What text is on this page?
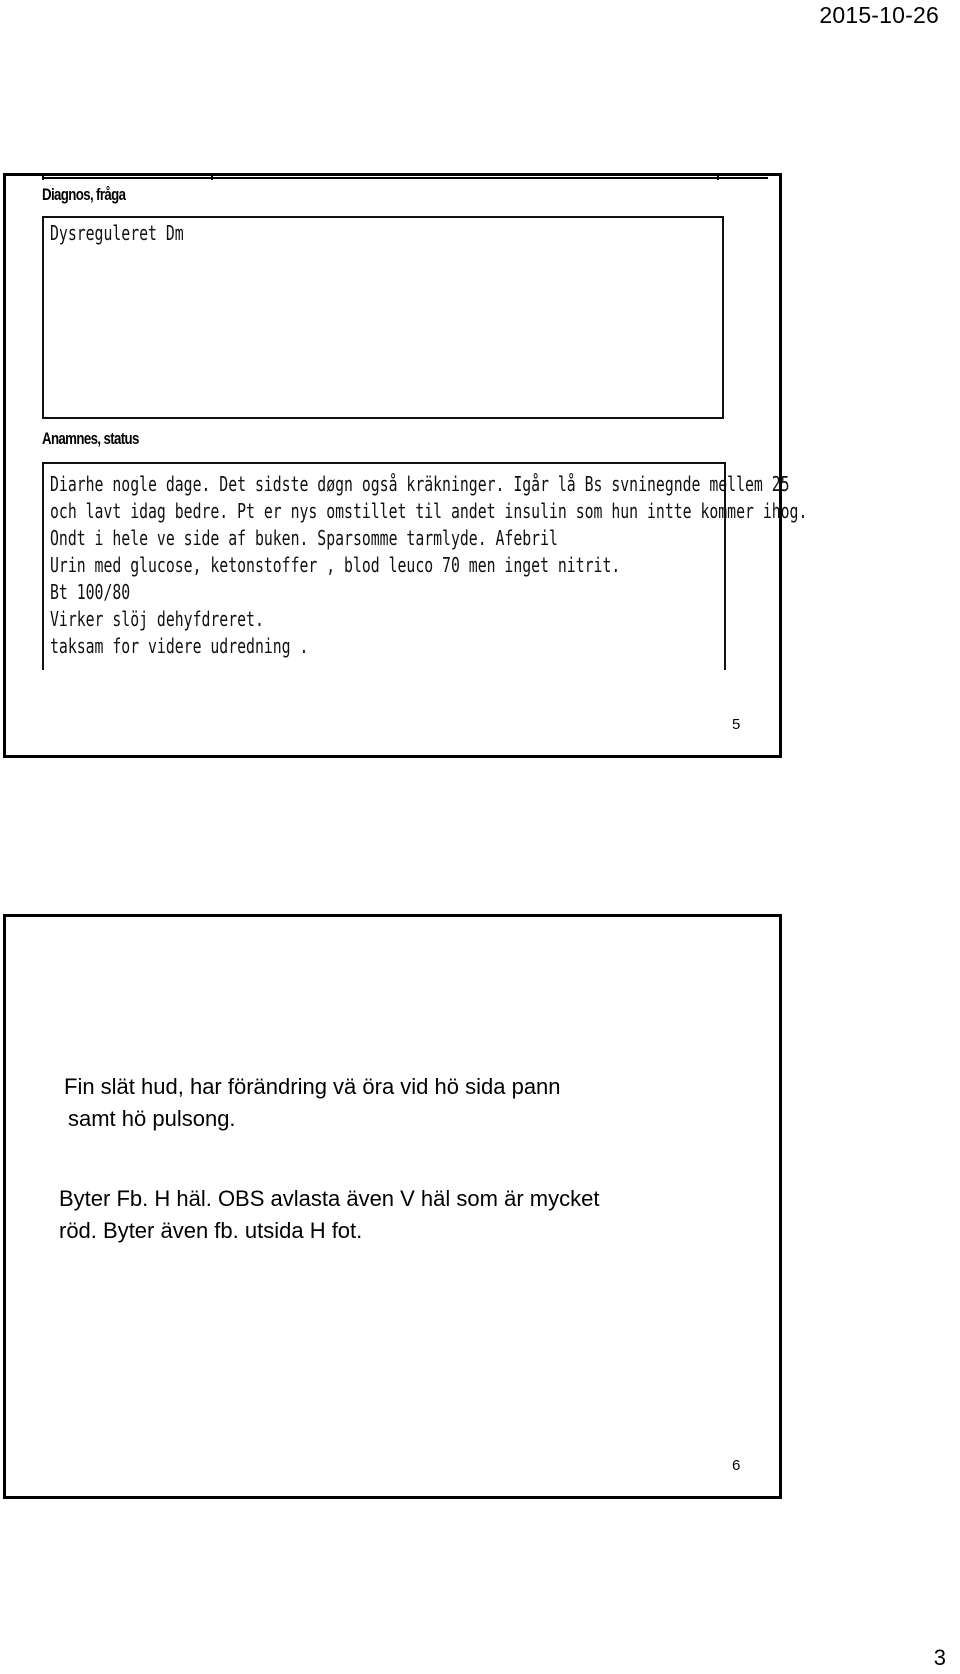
2015-10-26
Diagnos, fråga
Dysreguleret Dm
Anamnes, status
Diarhe nogle dage. Det sidste døgn også kräkninger. Igår lå Bs svninegnde mellem 25
och lavt idag bedre. Pt er nys omstillet til andet insulin som hun intte kommer ihog.
Ondt i hele ve side af buken. Sparsomme tarmlyde. Afebril
Urin med glucose, ketonstoffer , blod leuco 70 men inget nitrit.
Bt 100/80
Virker slöj dehyfdreret.
taksam for videre udredning .
5
Fin slät hud, har förändring vä öra vid hö sida pann
samt hö pulsong.
Byter Fb. H häl. OBS avlasta även V häl som är mycket
röd. Byter även fb. utsida H fot.
6
3
